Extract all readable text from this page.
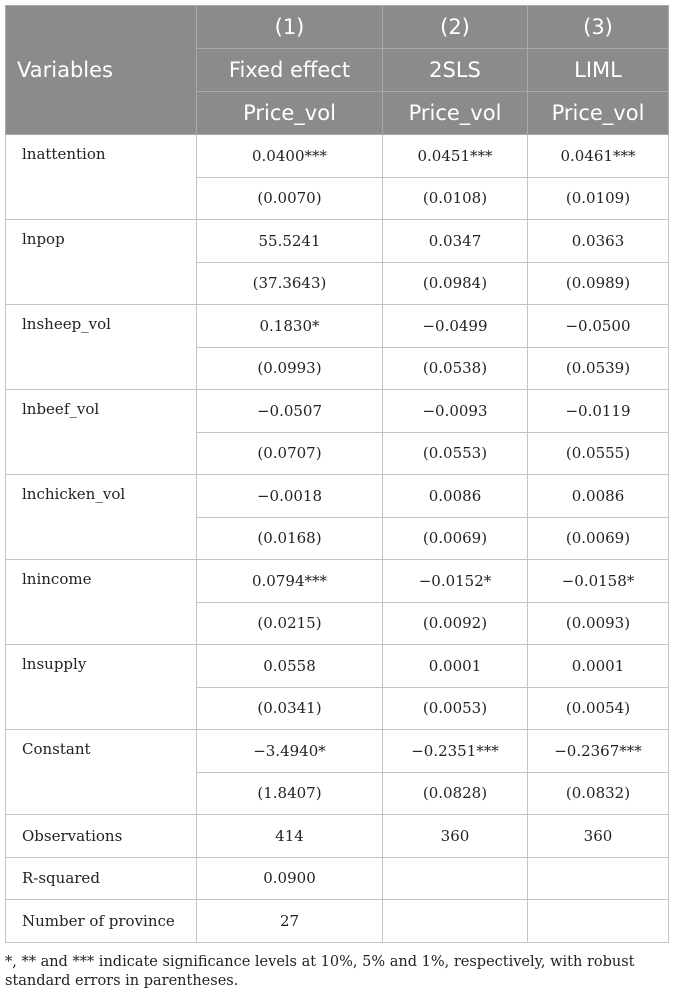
Variables	(1)	(2)	(3)
	Fixed effect	2SLS	LIML
	Price_vol	Price_vol	Price_vol
lnattention	0.0400***	0.0451***	0.0461***
	(0.0070)	(0.0108)	(0.0109)
lnpop	55.5241	0.0347	0.0363
	(37.3643)	(0.0984)	(0.0989)
lnsheep_vol	0.1830*	−0.0499	−0.0500
	(0.0993)	(0.0538)	(0.0539)
lnbeef_vol	−0.0507	−0.0093	−0.0119
	(0.0707)	(0.0553)	(0.0555)
lnchicken_vol	−0.0018	0.0086	0.0086
	(0.0168)	(0.0069)	(0.0069)
lnincome	0.0794***	−0.0152*	−0.0158*
	(0.0215)	(0.0092)	(0.0093)
lnsupply	0.0558	0.0001	0.0001
	(0.0341)	(0.0053)	(0.0054)
Constant	−3.4940*	−0.2351***	−0.2367***
	(1.8407)	(0.0828)	(0.0832)
Observations	414	360	360
R-squared	0.0900		
Number of province	27		
*, ** and *** indicate significance levels at 10%, 5% and 1%, respectively, with robust standard errors in parentheses.
